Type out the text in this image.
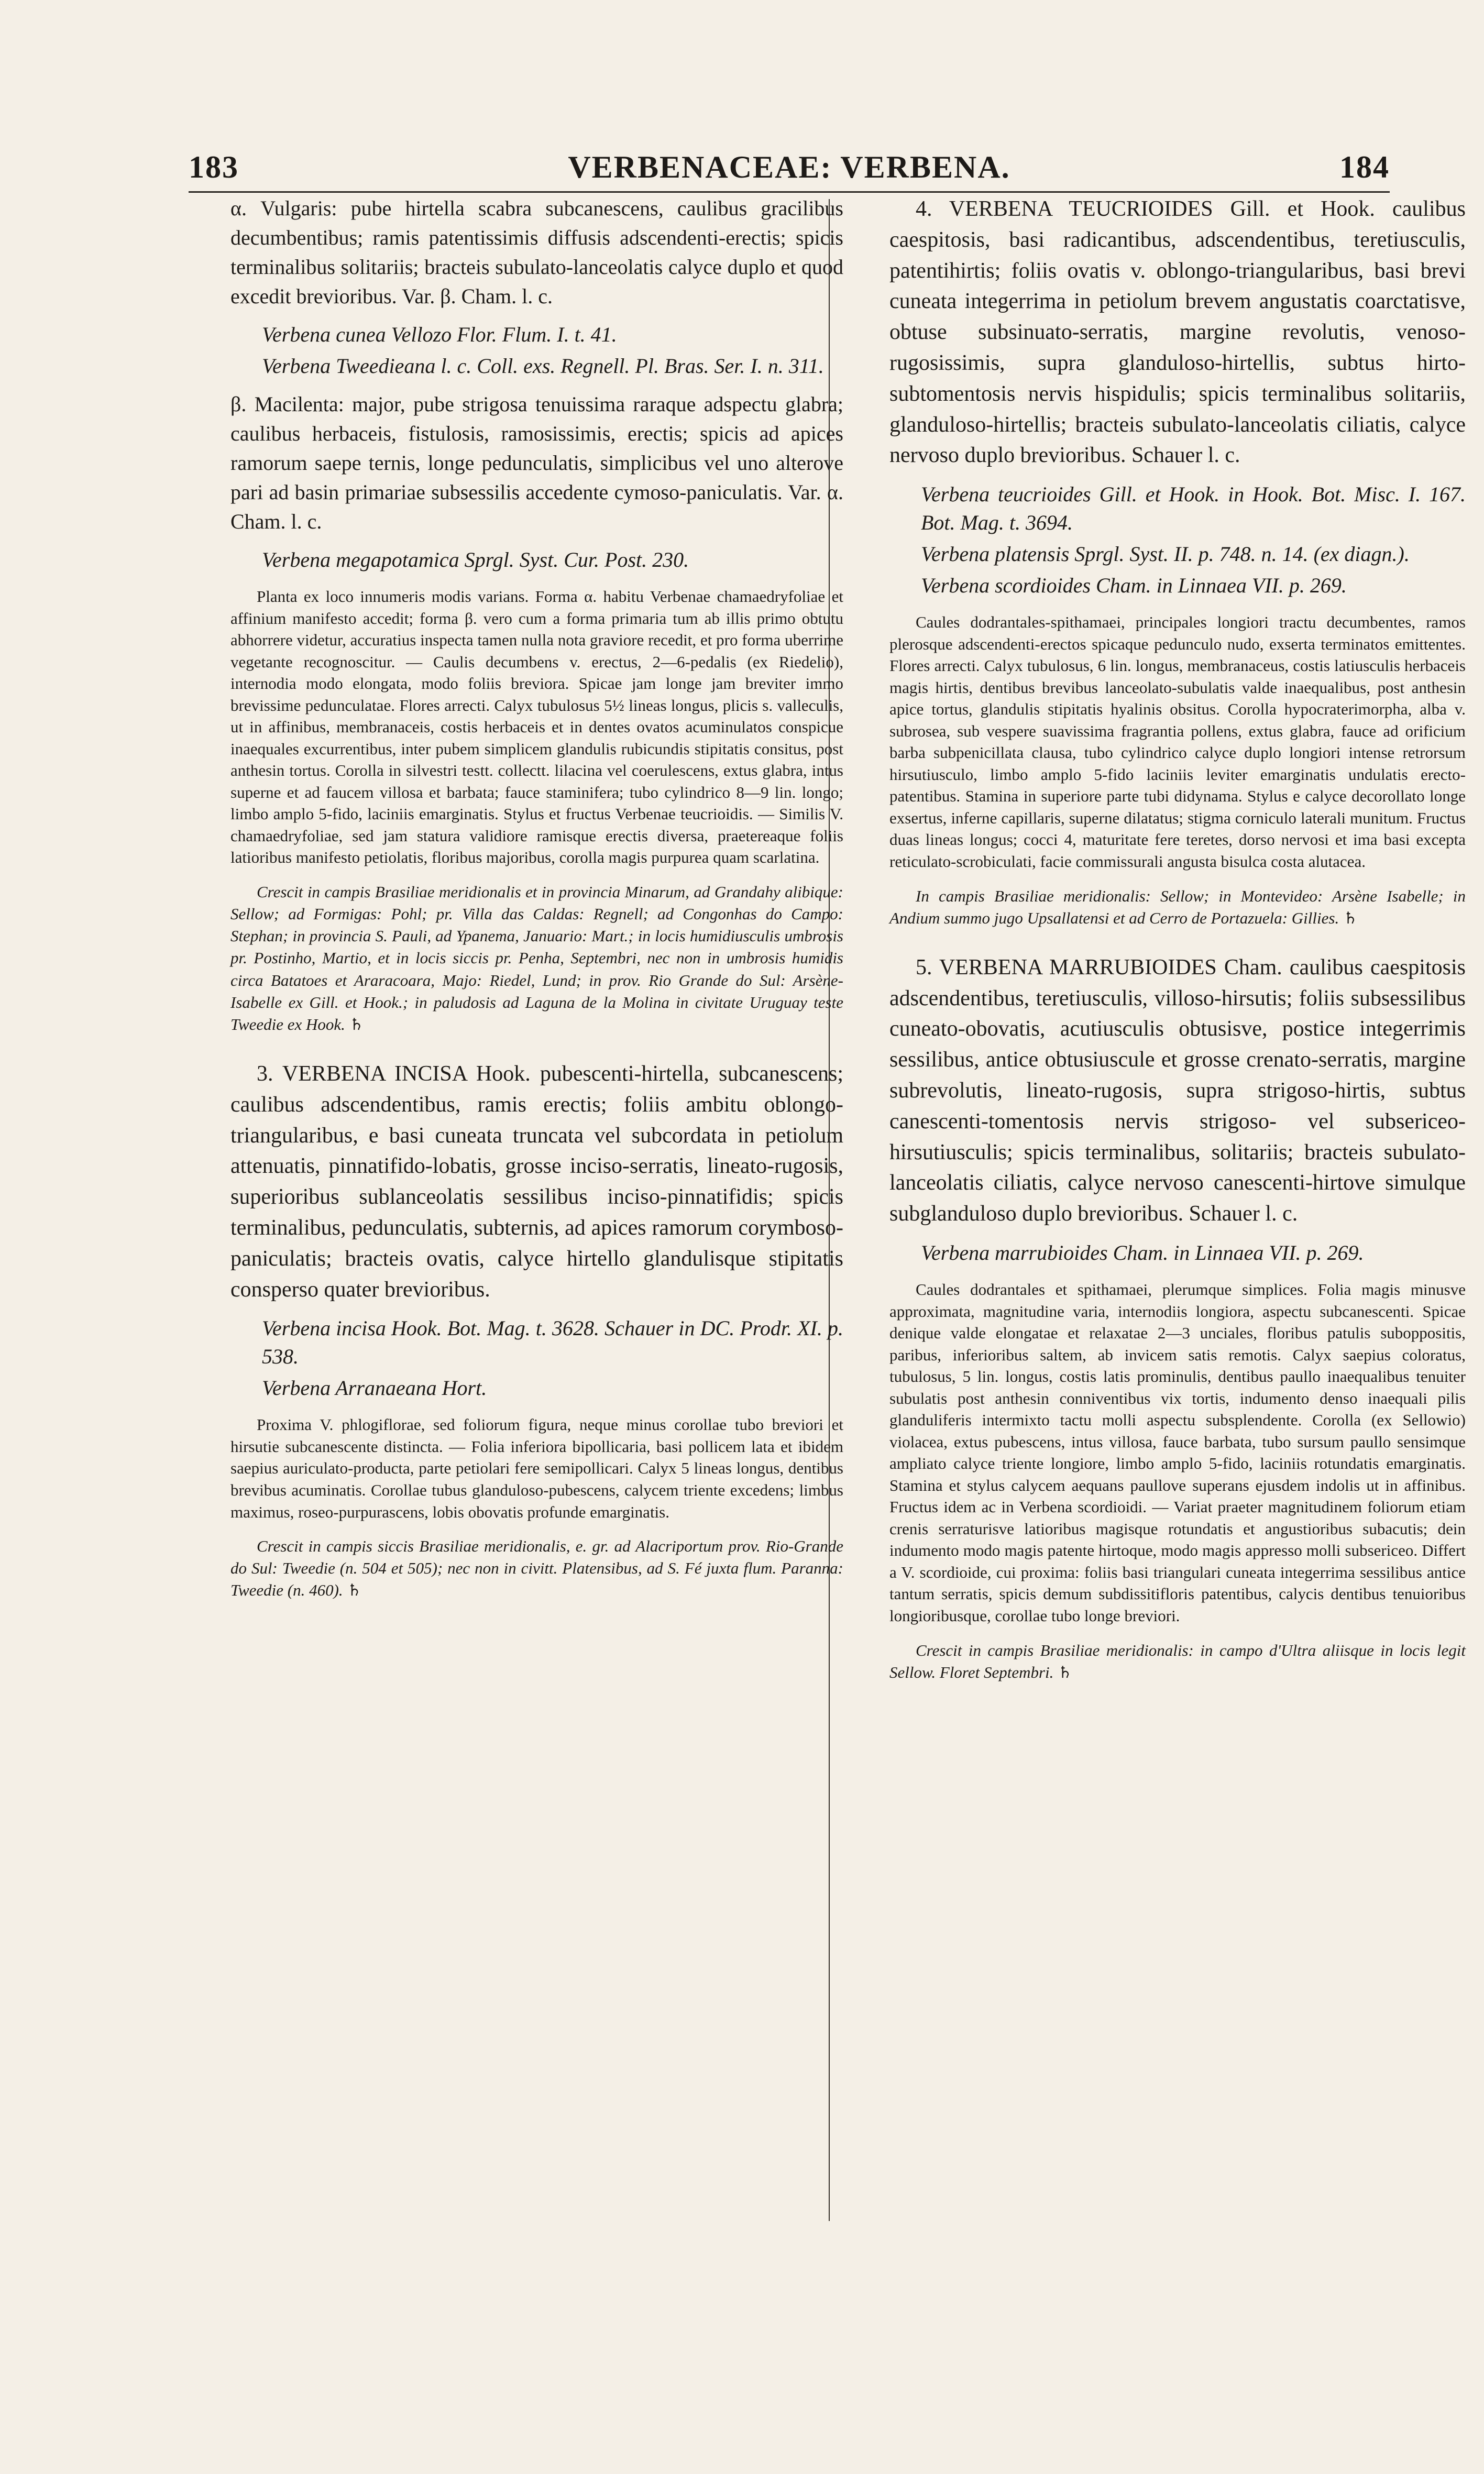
183	VERBENACEAE: VERBENA.	184

α. Vulgaris: pube hirtella scabra subcanescens, caulibus gracilibus decumbentibus; ramis patentissimis diffusis adscendenti-erectis; spicis terminalibus solitariis; bracteis subulato-lanceolatis calyce duplo et quod excedit brevioribus. Var. β. Cham. l. c.

Verbena cunea Vellozo Flor. Flum. I. t. 41.

Verbena Tweedieana l. c. Coll. exs. Regnell. Pl. Bras. Ser. I. n. 311.

β. Macilenta: major, pube strigosa tenuissima raraque adspectu glabra; caulibus herbaceis, fistulosis, ramosissimis, erectis; spicis ad apices ramorum saepe ternis, longe pedunculatis, simplicibus vel uno alterove pari ad basin primariae subsessilis accedente cymoso-paniculatis. Var. α. Cham. l. c.

Verbena megapotamica Sprgl. Syst. Cur. Post. 230.

Planta ex loco innumeris modis varians. Forma α. habitu Verbenae chamaedryfoliae et affinium manifesto accedit; forma β. vero cum a forma primaria tum ab illis primo obtutu abhorrere videtur, accuratius inspecta tamen nulla nota graviore recedit, et pro forma uberrime vegetante recognoscitur. — Caulis decumbens v. erectus, 2—6-pedalis (ex Riedelio), internodia modo elongata, modo foliis breviora. Spicae jam longe jam breviter immo brevissime pedunculatae. Flores arrecti. Calyx tubulosus 5½ lineas longus, plicis s. valleculis, ut in affinibus, membranaceis, costis herbaceis et in dentes ovatos acuminulatos conspicue inaequales excurrentibus, inter pubem simplicem glandulis rubicundis stipitatis consitus, post anthesin tortus. Corolla in silvestri testt. collectt. lilacina vel coerulescens, extus glabra, intus superne et ad faucem villosa et barbata; fauce staminifera; tubo cylindrico 8—9 lin. longo; limbo amplo 5-fido, laciniis emarginatis. Stylus et fructus Verbenae teucrioidis. — Similis V. chamaedryfoliae, sed jam statura validiore ramisque erectis diversa, praetereaque foliis latioribus manifesto petiolatis, floribus majoribus, corolla magis purpurea quam scarlatina.

Crescit in campis Brasiliae meridionalis et in provincia Minarum, ad Grandahy alibique: Sellow; ad Formigas: Pohl; pr. Villa das Caldas: Regnell; ad Congonhas do Campo: Stephan; in provincia S. Pauli, ad Ypanema, Januario: Mart.; in locis humidiusculis umbrosis pr. Postinho, Martio, et in locis siccis pr. Penha, Septembri, nec non in umbrosis humidis circa Batatoes et Araracoara, Majo: Riedel, Lund; in prov. Rio Grande do Sul: Arsène-Isabelle ex Gill. et Hook.; in paludosis ad Laguna de la Molina in civitate Uruguay teste Tweedie ex Hook. ♄

3. VERBENA INCISA Hook. pubescenti-hirtella, subcanescens; caulibus adscendentibus, ramis erectis; foliis ambitu oblongo-triangularibus, e basi cuneata truncata vel subcordata in petiolum attenuatis, pinnatifido-lobatis, grosse inciso-serratis, lineato-rugosis, superioribus sublanceolatis sessilibus inciso-pinnatifidis; spicis terminalibus, pedunculatis, subternis, ad apices ramorum corymboso-paniculatis; bracteis ovatis, calyce hirtello glandulisque stipitatis consperso quater brevioribus.

Verbena incisa Hook. Bot. Mag. t. 3628. Schauer in DC. Prodr. XI. p. 538.

Verbena Arranaeana Hort.

Proxima V. phlogiflorae, sed foliorum figura, neque minus corollae tubo breviori et hirsutie subcanescente distincta. — Folia inferiora bipollicaria, basi pollicem lata et ibidem saepius auriculato-producta, parte petiolari fere semipollicari. Calyx 5 lineas longus, dentibus brevibus acuminatis. Corollae tubus glanduloso-pubescens, calycem triente excedens; limbus maximus, roseo-purpurascens, lobis obovatis profunde emarginatis.

Crescit in campis siccis Brasiliae meridionalis, e. gr. ad Alacriportum prov. Rio-Grande do Sul: Tweedie (n. 504 et 505); nec non in civitt. Platensibus, ad S. Fé juxta flum. Paranna: Tweedie (n. 460). ♄

4. VERBENA TEUCRIOIDES Gill. et Hook. caulibus caespitosis, basi radicantibus, adscendentibus, teretiusculis, patentihirtis; foliis ovatis v. oblongo-triangularibus, basi brevi cuneata integerrima in petiolum brevem angustatis coarctatisve, obtuse subsinuato-serratis, margine revolutis, venoso-rugosissimis, supra glanduloso-hirtellis, subtus hirto-subtomentosis nervis hispidulis; spicis terminalibus solitariis, glanduloso-hirtellis; bracteis subulato-lanceolatis ciliatis, calyce nervoso duplo brevioribus. Schauer l. c.

Verbena teucrioides Gill. et Hook. in Hook. Bot. Misc. I. 167. Bot. Mag. t. 3694.

Verbena platensis Sprgl. Syst. II. p. 748. n. 14. (ex diagn.).

Verbena scordioides Cham. in Linnaea VII. p. 269.

Caules dodrantales-spithamaei, principales longiori tractu decumbentes, ramos plerosque adscendenti-erectos spicaque pedunculo nudo, exserta terminatos emittentes. Flores arrecti. Calyx tubulosus, 6 lin. longus, membranaceus, costis latiusculis herbaceis magis hirtis, dentibus brevibus lanceolato-subulatis valde inaequalibus, post anthesin apice tortus, glandulis stipitatis hyalinis obsitus. Corolla hypocraterimorpha, alba v. subrosea, sub vespere suavissima fragrantia pollens, extus glabra, fauce ad orificium barba subpenicillata clausa, tubo cylindrico calyce duplo longiori intense retrorsum hirsutiusculo, limbo amplo 5-fido laciniis leviter emarginatis undulatis erecto-patentibus. Stamina in superiore parte tubi didynama. Stylus e calyce decorollato longe exsertus, inferne capillaris, superne dilatatus; stigma corniculo laterali munitum. Fructus duas lineas longus; cocci 4, maturitate fere teretes, dorso nervosi et ima basi excepta reticulato-scrobiculati, facie commissurali angusta bisulca costa alutacea.

In campis Brasiliae meridionalis: Sellow; in Montevideo: Arsène Isabelle; in Andium summo jugo Upsallatensi et ad Cerro de Portazuela: Gillies. ♄

5. VERBENA MARRUBIOIDES Cham. caulibus caespitosis adscendentibus, teretiusculis, villoso-hirsutis; foliis subsessilibus cuneato-obovatis, acutiusculis obtusisve, postice integerrimis sessilibus, antice obtusiuscule et grosse crenato-serratis, margine subrevolutis, lineato-rugosis, supra strigoso-hirtis, subtus canescenti-tomentosis nervis strigoso- vel subsericeo-hirsutiusculis; spicis terminalibus, solitariis; bracteis subulato-lanceolatis ciliatis, calyce nervoso canescenti-hirtove simulque subglanduloso duplo brevioribus. Schauer l. c.

Verbena marrubioides Cham. in Linnaea VII. p. 269.

Caules dodrantales et spithamaei, plerumque simplices. Folia magis minusve approximata, magnitudine varia, internodiis longiora, aspectu subcanescenti. Spicae denique valde elongatae et relaxatae 2—3 unciales, floribus patulis suboppositis, paribus, inferioribus saltem, ab invicem satis remotis. Calyx saepius coloratus, tubulosus, 5 lin. longus, costis latis prominulis, dentibus paullo inaequalibus tenuiter subulatis post anthesin conniventibus vix tortis, indumento denso inaequali pilis glanduliferis intermixto tactu molli aspectu subsplendente. Corolla (ex Sellowio) violacea, extus pubescens, intus villosa, fauce barbata, tubo sursum paullo sensimque ampliato calyce triente longiore, limbo amplo 5-fido, laciniis rotundatis emarginatis. Stamina et stylus calycem aequans paullove superans ejusdem indolis ut in affinibus. Fructus idem ac in Verbena scordioidi. — Variat praeter magnitudinem foliorum etiam crenis serraturisve latioribus magisque rotundatis et angustioribus subacutis; dein indumento modo magis patente hirtoque, modo magis appresso molli subsericeo. Differt a V. scordioide, cui proxima: foliis basi triangulari cuneata integerrima sessilibus antice tantum serratis, spicis demum subdissitifloris patentibus, calycis dentibus tenuioribus longioribusque, corollae tubo longe breviori.

Crescit in campis Brasiliae meridionalis: in campo d'Ultra aliisque in locis legit Sellow. Floret Septembri. ♄
